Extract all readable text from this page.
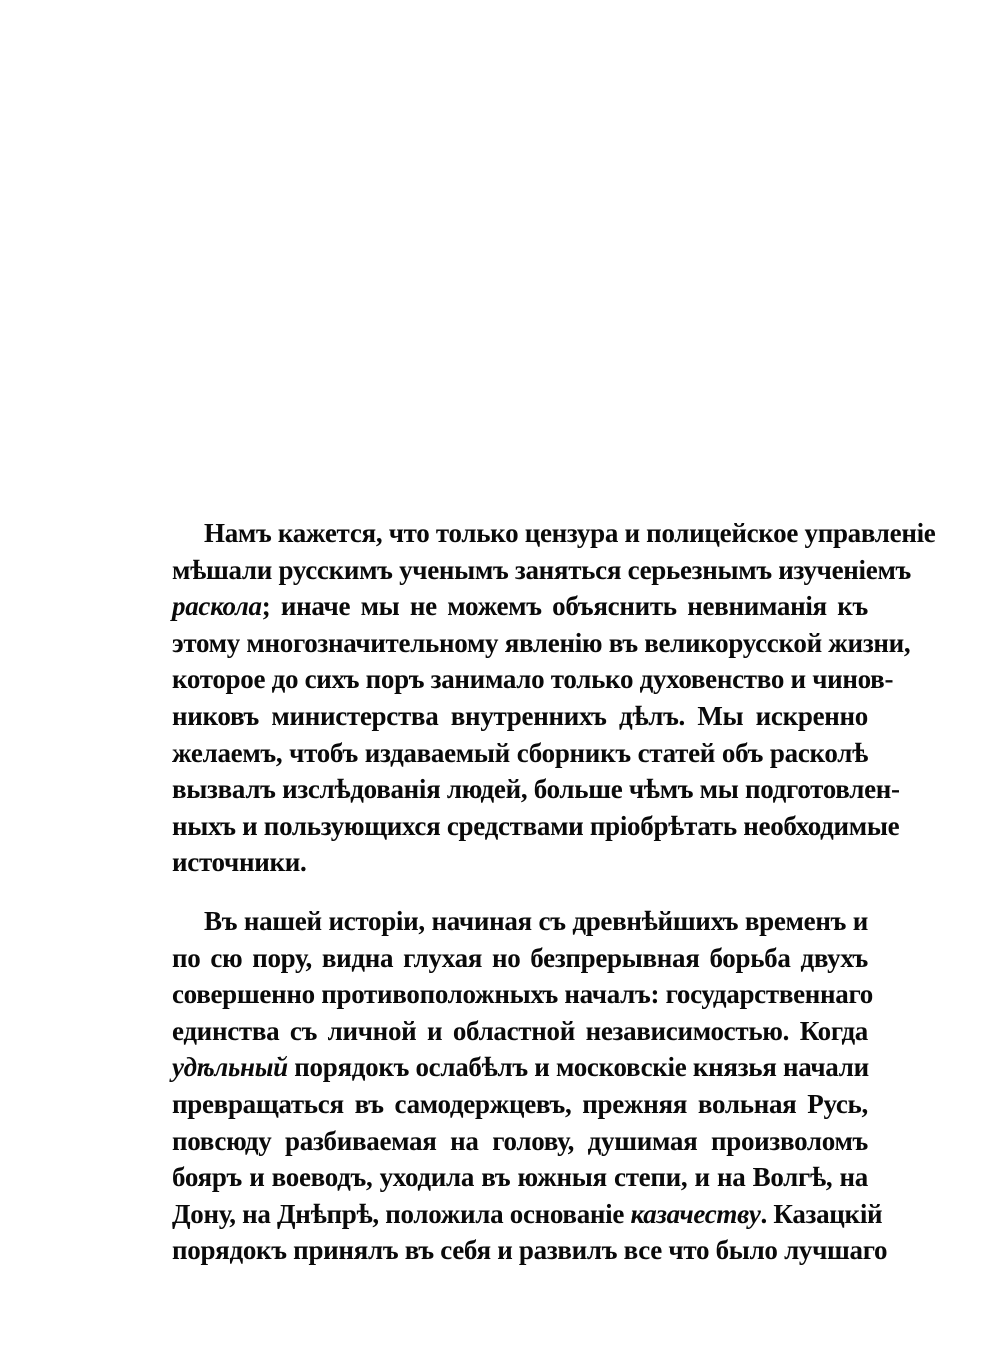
Намъ кажется, что только цензура и полицейское управленіе
мѣшали русскимъ ученымъ заняться серьезнымъ изученіемъ
раскола; иначе мы не можемъ объяснить невниманія къ
этому многозначительному явленію въ великорусской жизни,
которое до сихъ поръ занимало только духовенство и чинов-
никовъ министерства внутреннихъ дѣлъ. Мы искренно
желаемъ, чтобъ издаваемый сборникъ статей объ расколѣ
вызвалъ изслѣдованія людей, больше чѣмъ мы подготовлен-
ныхъ и пользующихся средствами пріобрѣтать необходимые
источники.
Въ нашей исторіи, начиная съ древнѣйшихъ временъ и
по сю пору, видна глухая но безпрерывная борьба двухъ
совершенно противоположныхъ началъ: государственнаго
единства съ личной и областной независимостью. Когда
удѣльный порядокъ ослабѣлъ и московскіе князья начали
превращаться въ самодержцевъ, прежняя вольная Русь,
повсюду разбиваемая на голову, душимая произволомъ
бояръ и воеводъ, уходила въ южныя степи, и на Волгѣ, на
Дону, на Днѣпрѣ, положила основаніе казачеству. Казацкій
порядокъ принялъ въ себя и развилъ все что было лучшаго
